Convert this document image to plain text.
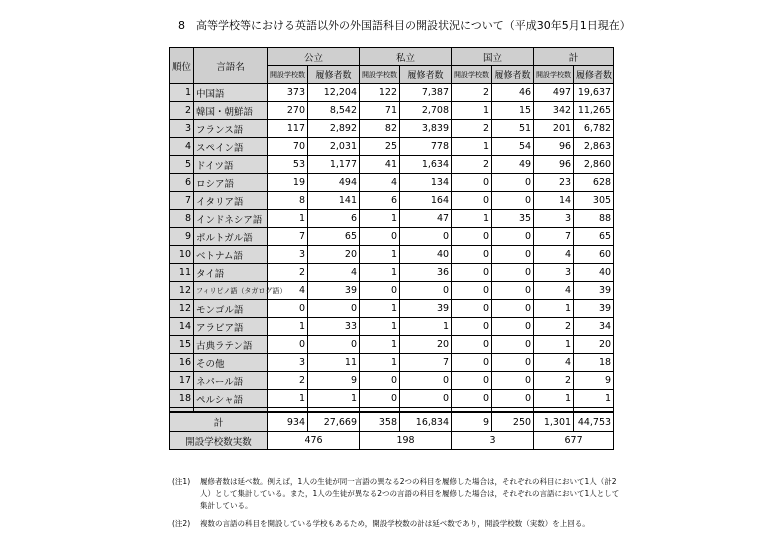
8　高等学校等における英語以外の外国語科目の開設状況について（平成30年5月1日現在）
順位	言語名	公立		私立		国立		計	
		開設学校数	履修者数	開設学校数	履修者数	開設学校数	履修者数	開設学校数	履修者数
1	中国語	373	12,204	122	7,387	2	46	497	19,637
2	韓国・朝鮮語	270	8,542	71	2,708	1	15	342	11,265
3	フランス語	117	2,892	82	3,839	2	51	201	6,782
4	スペイン語	70	2,031	25	778	1	54	96	2,863
5	ドイツ語	53	1,177	41	1,634	2	49	96	2,860
6	ロシア語	19	494	4	134	0	0	23	628
7	イタリア語	8	141	6	164	0	0	14	305
8	インドネシア語	1	6	1	47	1	35	3	88
9	ポルトガル語	7	65	0	0	0	0	7	65
10	ベトナム語	3	20	1	40	0	0	4	60
11	タイ語	2	4	1	36	0	0	3	40
12	フィリピノ語（タガログ語）	4	39	0	0	0	0	4	39
12	モンゴル語	0	0	1	39	0	0	1	39
14	アラビア語	1	33	1	1	0	0	2	34
15	古典ラテン語	0	0	1	20	0	0	1	20
16	その他	3	11	1	7	0	0	4	18
17	ネパール語	2	9	0	0	0	0	2	9
18	ペルシャ語	1	1	0	0	0	0	1	1

計		934	27,669	358	16,834	9	250	1,301	44,753
開設学校数実数		476		198		3		677	
(注1)	履修者数は延べ数。例えば，1人の生徒が同一言語の異なる2つの科目を履修した場合は，それぞれの科目において1人（計2人）として集計している。また，1人の生徒が異なる2つの言語の科目を履修した場合は，それぞれの言語において1人として集計している。
(注2)	複数の言語の科目を開設している学校もあるため，開設学校数の計は延べ数であり，開設学校数（実数）を上回る。
